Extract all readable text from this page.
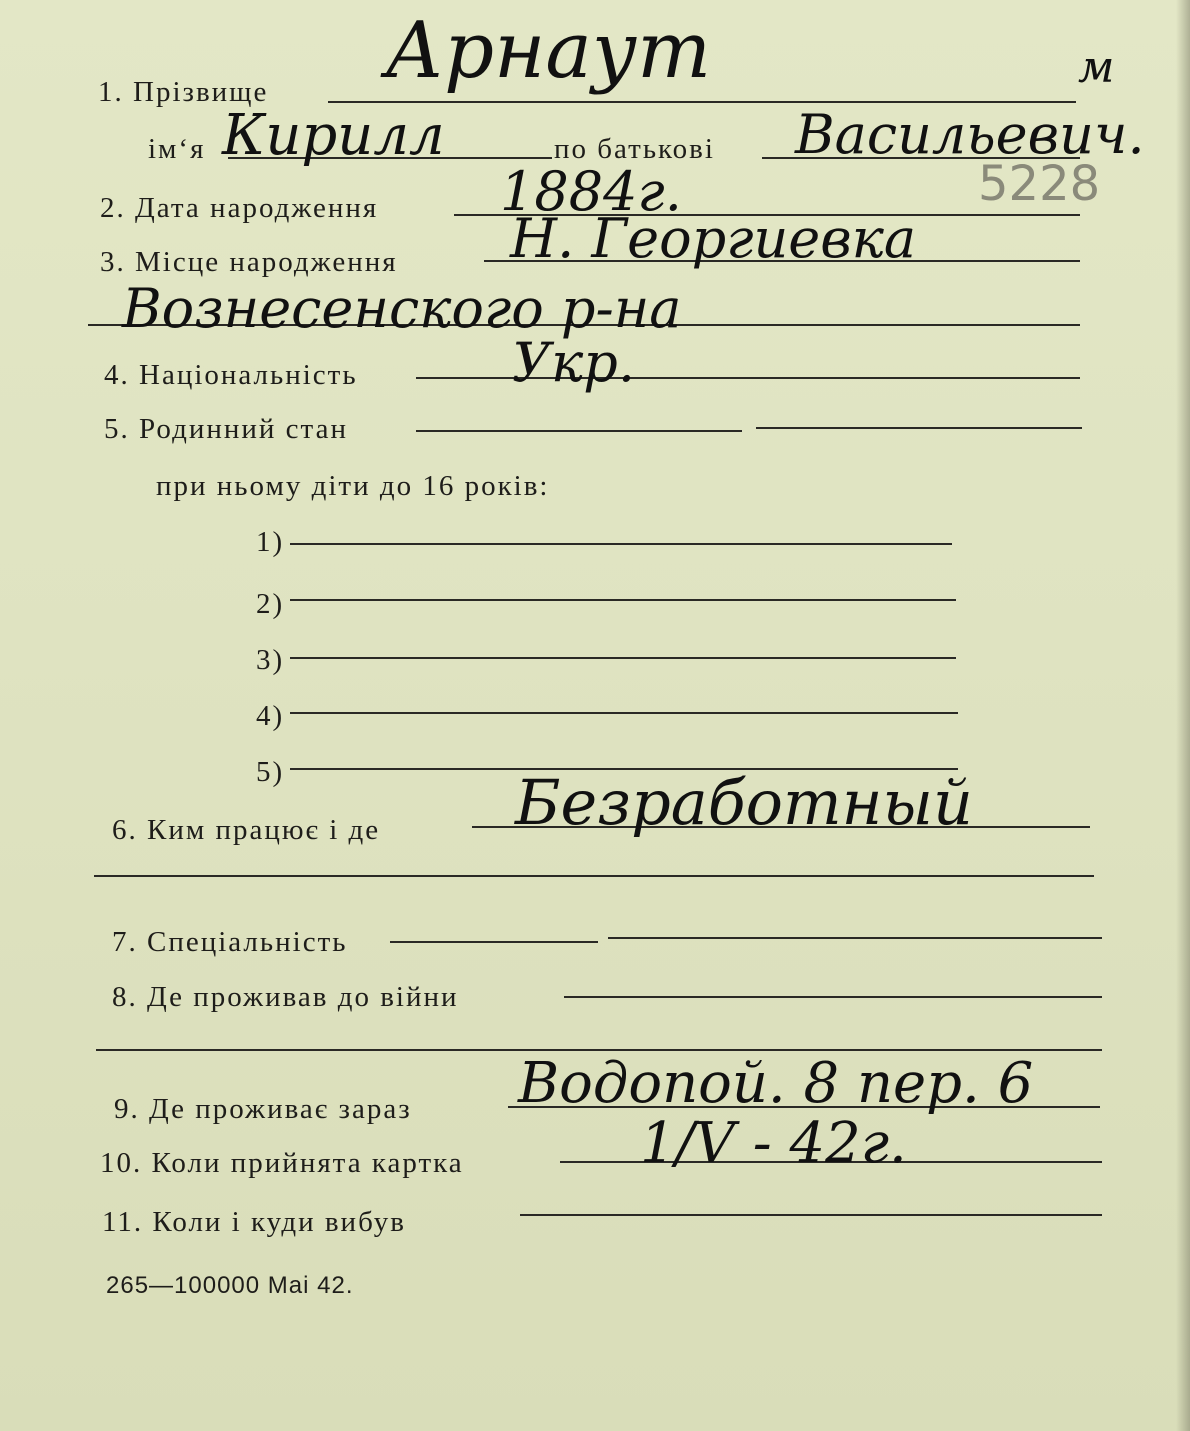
1. Прізвище Арнаут	м
ім‘я Кирилл	по батькові Васильевич.
5228
2. Дата народження 1884г.
3. Місце народження Н. Георгиевка
Вознесенского р-на
4. Національність	Укр.
5. Родинний стан
при ньому діти до 16 років:
1)
2)
3)
4)
5)
6. Ким працює і де Безработный
7. Спеціальність
8. Де проживав до війни
9. Де проживає зараз Водопой. 8 пер. 6
10. Коли прийнята картка	1/V - 42г.
11. Коли і куди вибув
265—100000 Mai 42.
